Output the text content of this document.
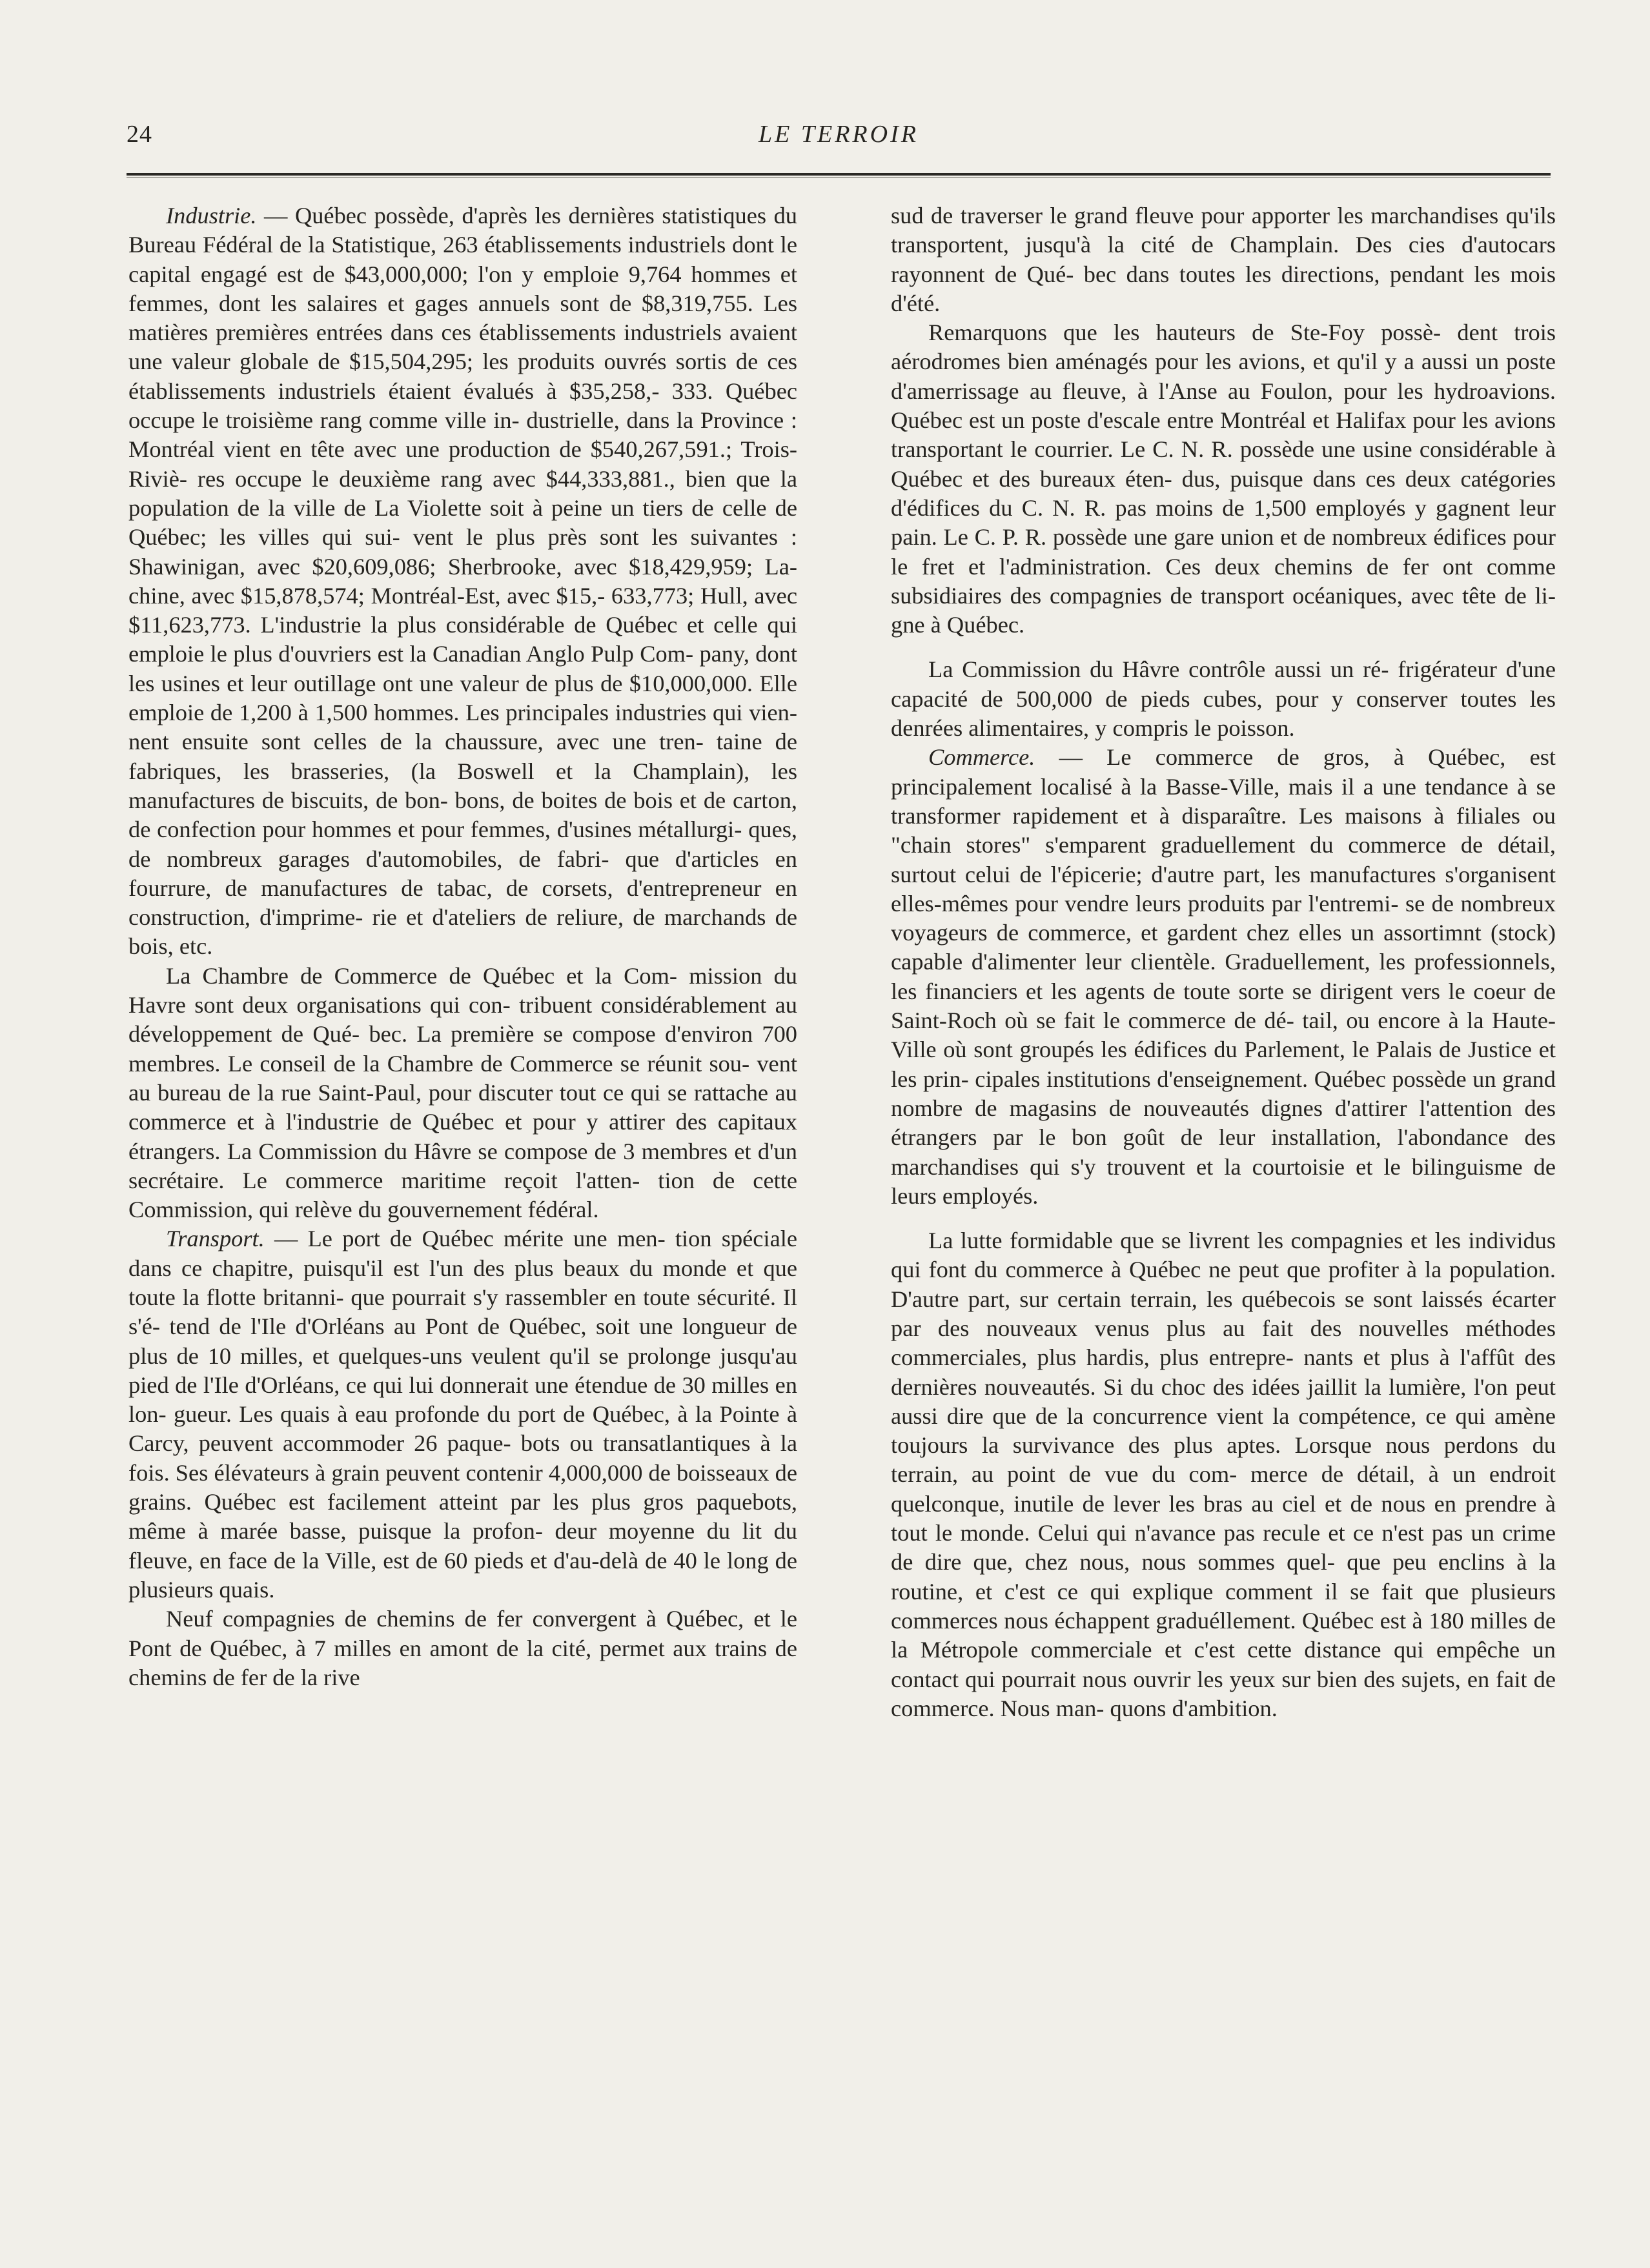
24	LE TERROIR

Industrie. — Québec possède, d'après les dernières statistiques du Bureau Fédéral de la Statistique, 263 établissements industriels dont le capital engagé est de $43,000,000; l'on y emploie 9,764 hommes et femmes, dont les salaires et gages annuels sont de $8,319,755. Les matières premières entrées dans ces établissements industriels avaient une valeur globale de $15,504,295; les produits ouvrés sortis de ces établissements industriels étaient évalués à $35,258,- 333. Québec occupe le troisième rang comme ville in- dustrielle, dans la Province : Montréal vient en tête avec une production de $540,267,591.; Trois-Riviè- res occupe le deuxième rang avec $44,333,881., bien que la population de la ville de La Violette soit à peine un tiers de celle de Québec; les villes qui sui- vent le plus près sont les suivantes : Shawinigan, avec $20,609,086; Sherbrooke, avec $18,429,959; La- chine, avec $15,878,574; Montréal-Est, avec $15,- 633,773; Hull, avec $11,623,773. L'industrie la plus considérable de Québec et celle qui emploie le plus d'ouvriers est la Canadian Anglo Pulp Com- pany, dont les usines et leur outillage ont une valeur de plus de $10,000,000. Elle emploie de 1,200 à 1,500 hommes. Les principales industries qui vien- nent ensuite sont celles de la chaussure, avec une tren- taine de fabriques, les brasseries, (la Boswell et la Champlain), les manufactures de biscuits, de bon- bons, de boites de bois et de carton, de confection pour hommes et pour femmes, d'usines métallurgi- ques, de nombreux garages d'automobiles, de fabri- que d'articles en fourrure, de manufactures de tabac, de corsets, d'entrepreneur en construction, d'imprime- rie et d'ateliers de reliure, de marchands de bois, etc.

La Chambre de Commerce de Québec et la Com- mission du Havre sont deux organisations qui con- tribuent considérablement au développement de Qué- bec. La première se compose d'environ 700 membres. Le conseil de la Chambre de Commerce se réunit sou- vent au bureau de la rue Saint-Paul, pour discuter tout ce qui se rattache au commerce et à l'industrie de Québec et pour y attirer des capitaux étrangers. La Commission du Hâvre se compose de 3 membres et d'un secrétaire. Le commerce maritime reçoit l'atten- tion de cette Commission, qui relève du gouvernement fédéral.

Transport. — Le port de Québec mérite une men- tion spéciale dans ce chapitre, puisqu'il est l'un des plus beaux du monde et que toute la flotte britanni- que pourrait s'y rassembler en toute sécurité. Il s'é- tend de l'Ile d'Orléans au Pont de Québec, soit une longueur de plus de 10 milles, et quelques-uns veulent qu'il se prolonge jusqu'au pied de l'Ile d'Orléans, ce qui lui donnerait une étendue de 30 milles en lon- gueur. Les quais à eau profonde du port de Québec, à la Pointe à Carcy, peuvent accommoder 26 paque- bots ou transatlantiques à la fois. Ses élévateurs à grain peuvent contenir 4,000,000 de boisseaux de grains. Québec est facilement atteint par les plus gros paquebots, même à marée basse, puisque la profon- deur moyenne du lit du fleuve, en face de la Ville, est de 60 pieds et d'au-delà de 40 le long de plusieurs quais.

Neuf compagnies de chemins de fer convergent à Québec, et le Pont de Québec, à 7 milles en amont de la cité, permet aux trains de chemins de fer de la rive

sud de traverser le grand fleuve pour apporter les marchandises qu'ils transportent, jusqu'à la cité de Champlain. Des cies d'autocars rayonnent de Qué- bec dans toutes les directions, pendant les mois d'été.

Remarquons que les hauteurs de Ste-Foy possè- dent trois aérodromes bien aménagés pour les avions, et qu'il y a aussi un poste d'amerrissage au fleuve, à l'Anse au Foulon, pour les hydroavions. Québec est un poste d'escale entre Montréal et Halifax pour les avions transportant le courrier. Le C. N. R. possède une usine considérable à Québec et des bureaux éten- dus, puisque dans ces deux catégories d'édifices du C. N. R. pas moins de 1,500 employés y gagnent leur pain. Le C. P. R. possède une gare union et de nombreux édifices pour le fret et l'administration. Ces deux chemins de fer ont comme subsidiaires des compagnies de transport océaniques, avec tête de li- gne à Québec.

La Commission du Hâvre contrôle aussi un ré- frigérateur d'une capacité de 500,000 de pieds cubes, pour y conserver toutes les denrées alimentaires, y compris le poisson.

Commerce. — Le commerce de gros, à Québec, est principalement localisé à la Basse-Ville, mais il a une tendance à se transformer rapidement et à disparaître. Les maisons à filiales ou "chain stores" s'emparent graduellement du commerce de détail, surtout celui de l'épicerie; d'autre part, les manufactures s'organisent elles-mêmes pour vendre leurs produits par l'entremi- se de nombreux voyageurs de commerce, et gardent chez elles un assortimnt (stock) capable d'alimenter leur clientèle. Graduellement, les professionnels, les financiers et les agents de toute sorte se dirigent vers le coeur de Saint-Roch où se fait le commerce de dé- tail, ou encore à la Haute-Ville où sont groupés les édifices du Parlement, le Palais de Justice et les prin- cipales institutions d'enseignement. Québec possède un grand nombre de magasins de nouveautés dignes d'attirer l'attention des étrangers par le bon goût de leur installation, l'abondance des marchandises qui s'y trouvent et la courtoisie et le bilinguisme de leurs employés.

La lutte formidable que se livrent les compagnies et les individus qui font du commerce à Québec ne peut que profiter à la population. D'autre part, sur certain terrain, les québecois se sont laissés écarter par des nouveaux venus plus au fait des nouvelles méthodes commerciales, plus hardis, plus entrepre- nants et plus à l'affût des dernières nouveautés. Si du choc des idées jaillit la lumière, l'on peut aussi dire que de la concurrence vient la compétence, ce qui amène toujours la survivance des plus aptes. Lorsque nous perdons du terrain, au point de vue du com- merce de détail, à un endroit quelconque, inutile de lever les bras au ciel et de nous en prendre à tout le monde. Celui qui n'avance pas recule et ce n'est pas un crime de dire que, chez nous, nous sommes quel- que peu enclins à la routine, et c'est ce qui explique comment il se fait que plusieurs commerces nous échappent graduéllement. Québec est à 180 milles de la Métropole commerciale et c'est cette distance qui empêche un contact qui pourrait nous ouvrir les yeux sur bien des sujets, en fait de commerce. Nous man- quons d'ambition.
